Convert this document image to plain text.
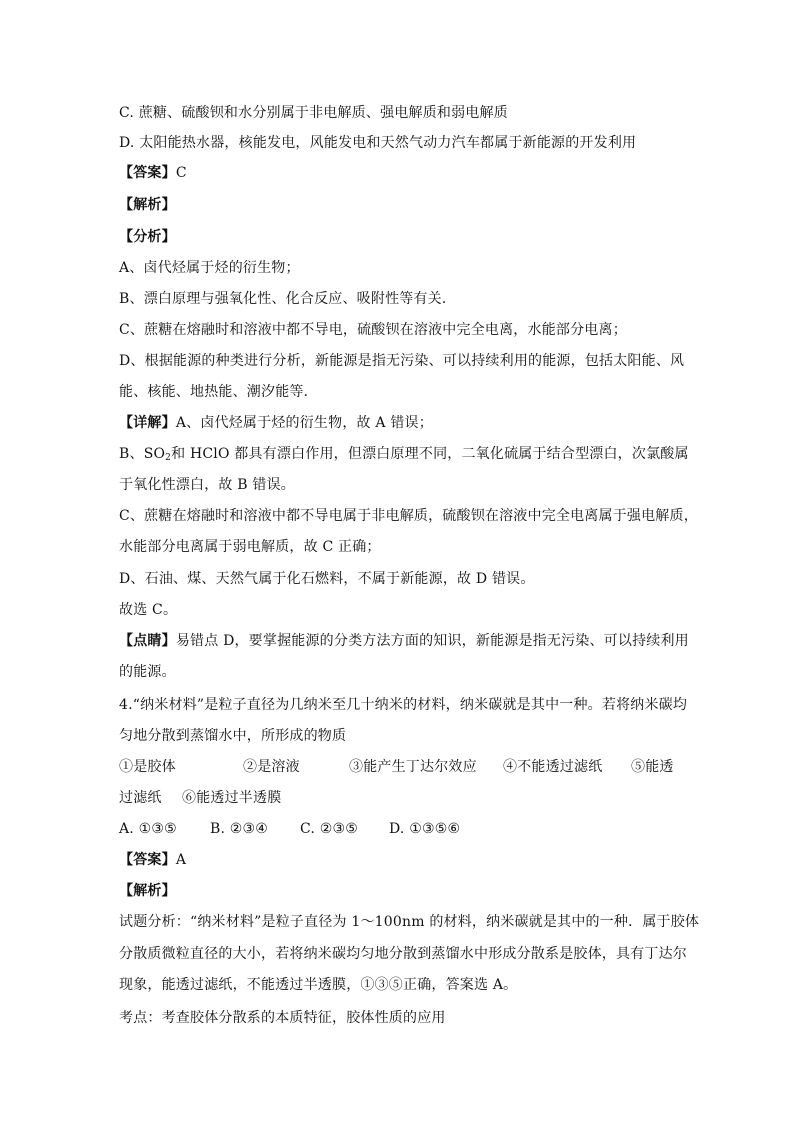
C. 蔗糖、硫酸钡和水分别属于非电解质、强电解质和弱电解质
D. 太阳能热水器，核能发电，风能发电和天然气动力汽车都属于新能源的开发利用
【答案】C
【解析】
【分析】
A、卤代烃属于烃的衍生物；
B、漂白原理与强氧化性、化合反应、吸附性等有关．
C、蔗糖在熔融时和溶液中都不导电，硫酸钡在溶液中完全电离，水能部分电离；
D、根据能源的种类进行分析，新能源是指无污染、可以持续利用的能源，包括太阳能、风
能、核能、地热能、潮汐能等．
【详解】A、卤代烃属于烃的衍生物，故 A 错误；
B、$SO_2$和 HClO 都具有漂白作用，但漂白原理不同，二氧化硫属于结合型漂白，次氯酸属
于氧化性漂白，故 B 错误。
C、蔗糖在熔融时和溶液中都不导电属于非电解质，硫酸钡在溶液中完全电离属于强电解质，
水能部分电离属于弱电解质，故 C 正确；
D、石油、煤、天然气属于化石燃料，不属于新能源，故 D 错误。
故选 C。
【点睛】易错点 D，要掌握能源的分类方法方面的知识，新能源是指无污染、可以持续利用
的能源。
4.“纳米材料”是粒子直径为几纳米至几十纳米的材料，纳米碳就是其中一种。若将纳米碳均
匀地分散到蒸馏水中，所形成的物质
①是胶体	②是溶液	③能产生丁达尔效应 ④不能透过滤纸 ⑤能透
过滤纸 ⑥能透过半透膜
A. ①③⑤ B. ②③④ C. ②③⑤ D. ①③⑤⑥
【答案】A
【解析】
试题分析：“纳米材料”是粒子直径为 1～100nm 的材料，纳米碳就是其中的一种．属于胶体
分散质微粒直径的大小，若将纳米碳均匀地分散到蒸馏水中形成分散系是胶体，具有丁达尔
现象，能透过滤纸，不能透过半透膜，①③⑤正确，答案选 A。
考点：考查胶体分散系的本质特征，胶体性质的应用
